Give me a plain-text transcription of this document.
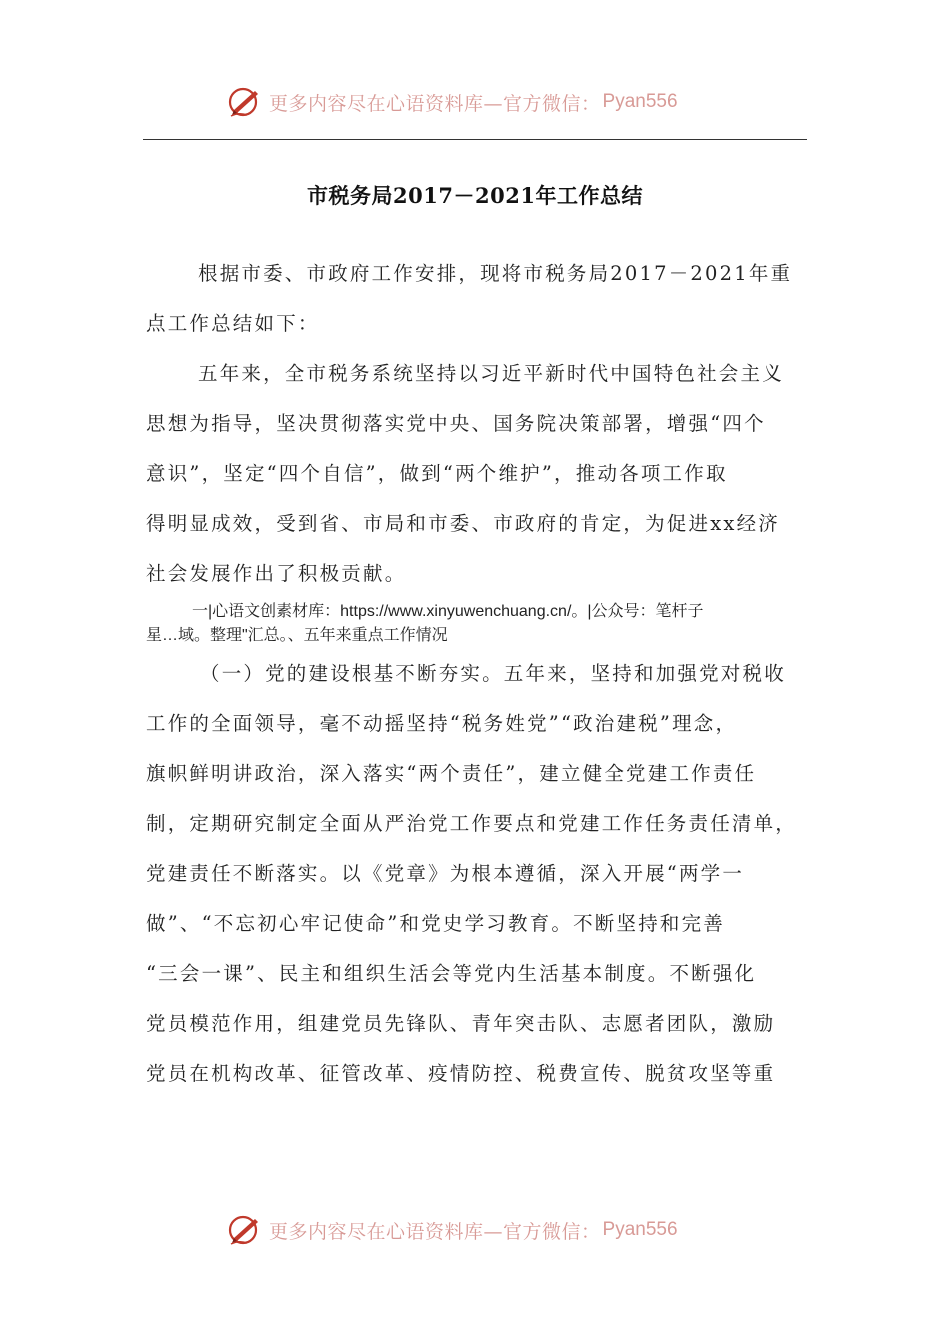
更多内容尽在心语资料库—官方微信： Pyan556
市税务局2017－2021年工作总结
根据市委、市政府工作安排，现将市税务局2017－2021年重
点工作总结如下：
五年来，全市税务系统坚持以习近平新时代中国特色社会主义
思想为指导，坚决贯彻落实党中央、国务院决策部署，增强“四个
意识”，坚定“四个自信”，做到“两个维护”，推动各项工作取
得明显成效，受到省、市局和市委、市政府的肯定，为促进xx经济
社会发展作出了积极贡献。
一|心语文创素材库：https://www.xinyuwenchuang.cn/。|公众号：笔杆子
星…域。整理"汇总。、五年来重点工作情况
（一）党的建设根基不断夯实。五年来，坚持和加强党对税收
工作的全面领导，毫不动摇坚持“税务姓党”“政治建税”理念，
旗帜鲜明讲政治，深入落实“两个责任”，建立健全党建工作责任
制，定期研究制定全面从严治党工作要点和党建工作任务责任清单，
党建责任不断落实。以《党章》为根本遵循，深入开展“两学一
做”、“不忘初心牢记使命”和党史学习教育。不断坚持和完善
“三会一课”、民主和组织生活会等党内生活基本制度。不断强化
党员模范作用，组建党员先锋队、青年突击队、志愿者团队，激励
党员在机构改革、征管改革、疫情防控、税费宣传、脱贫攻坚等重
更多内容尽在心语资料库—官方微信： Pyan556
